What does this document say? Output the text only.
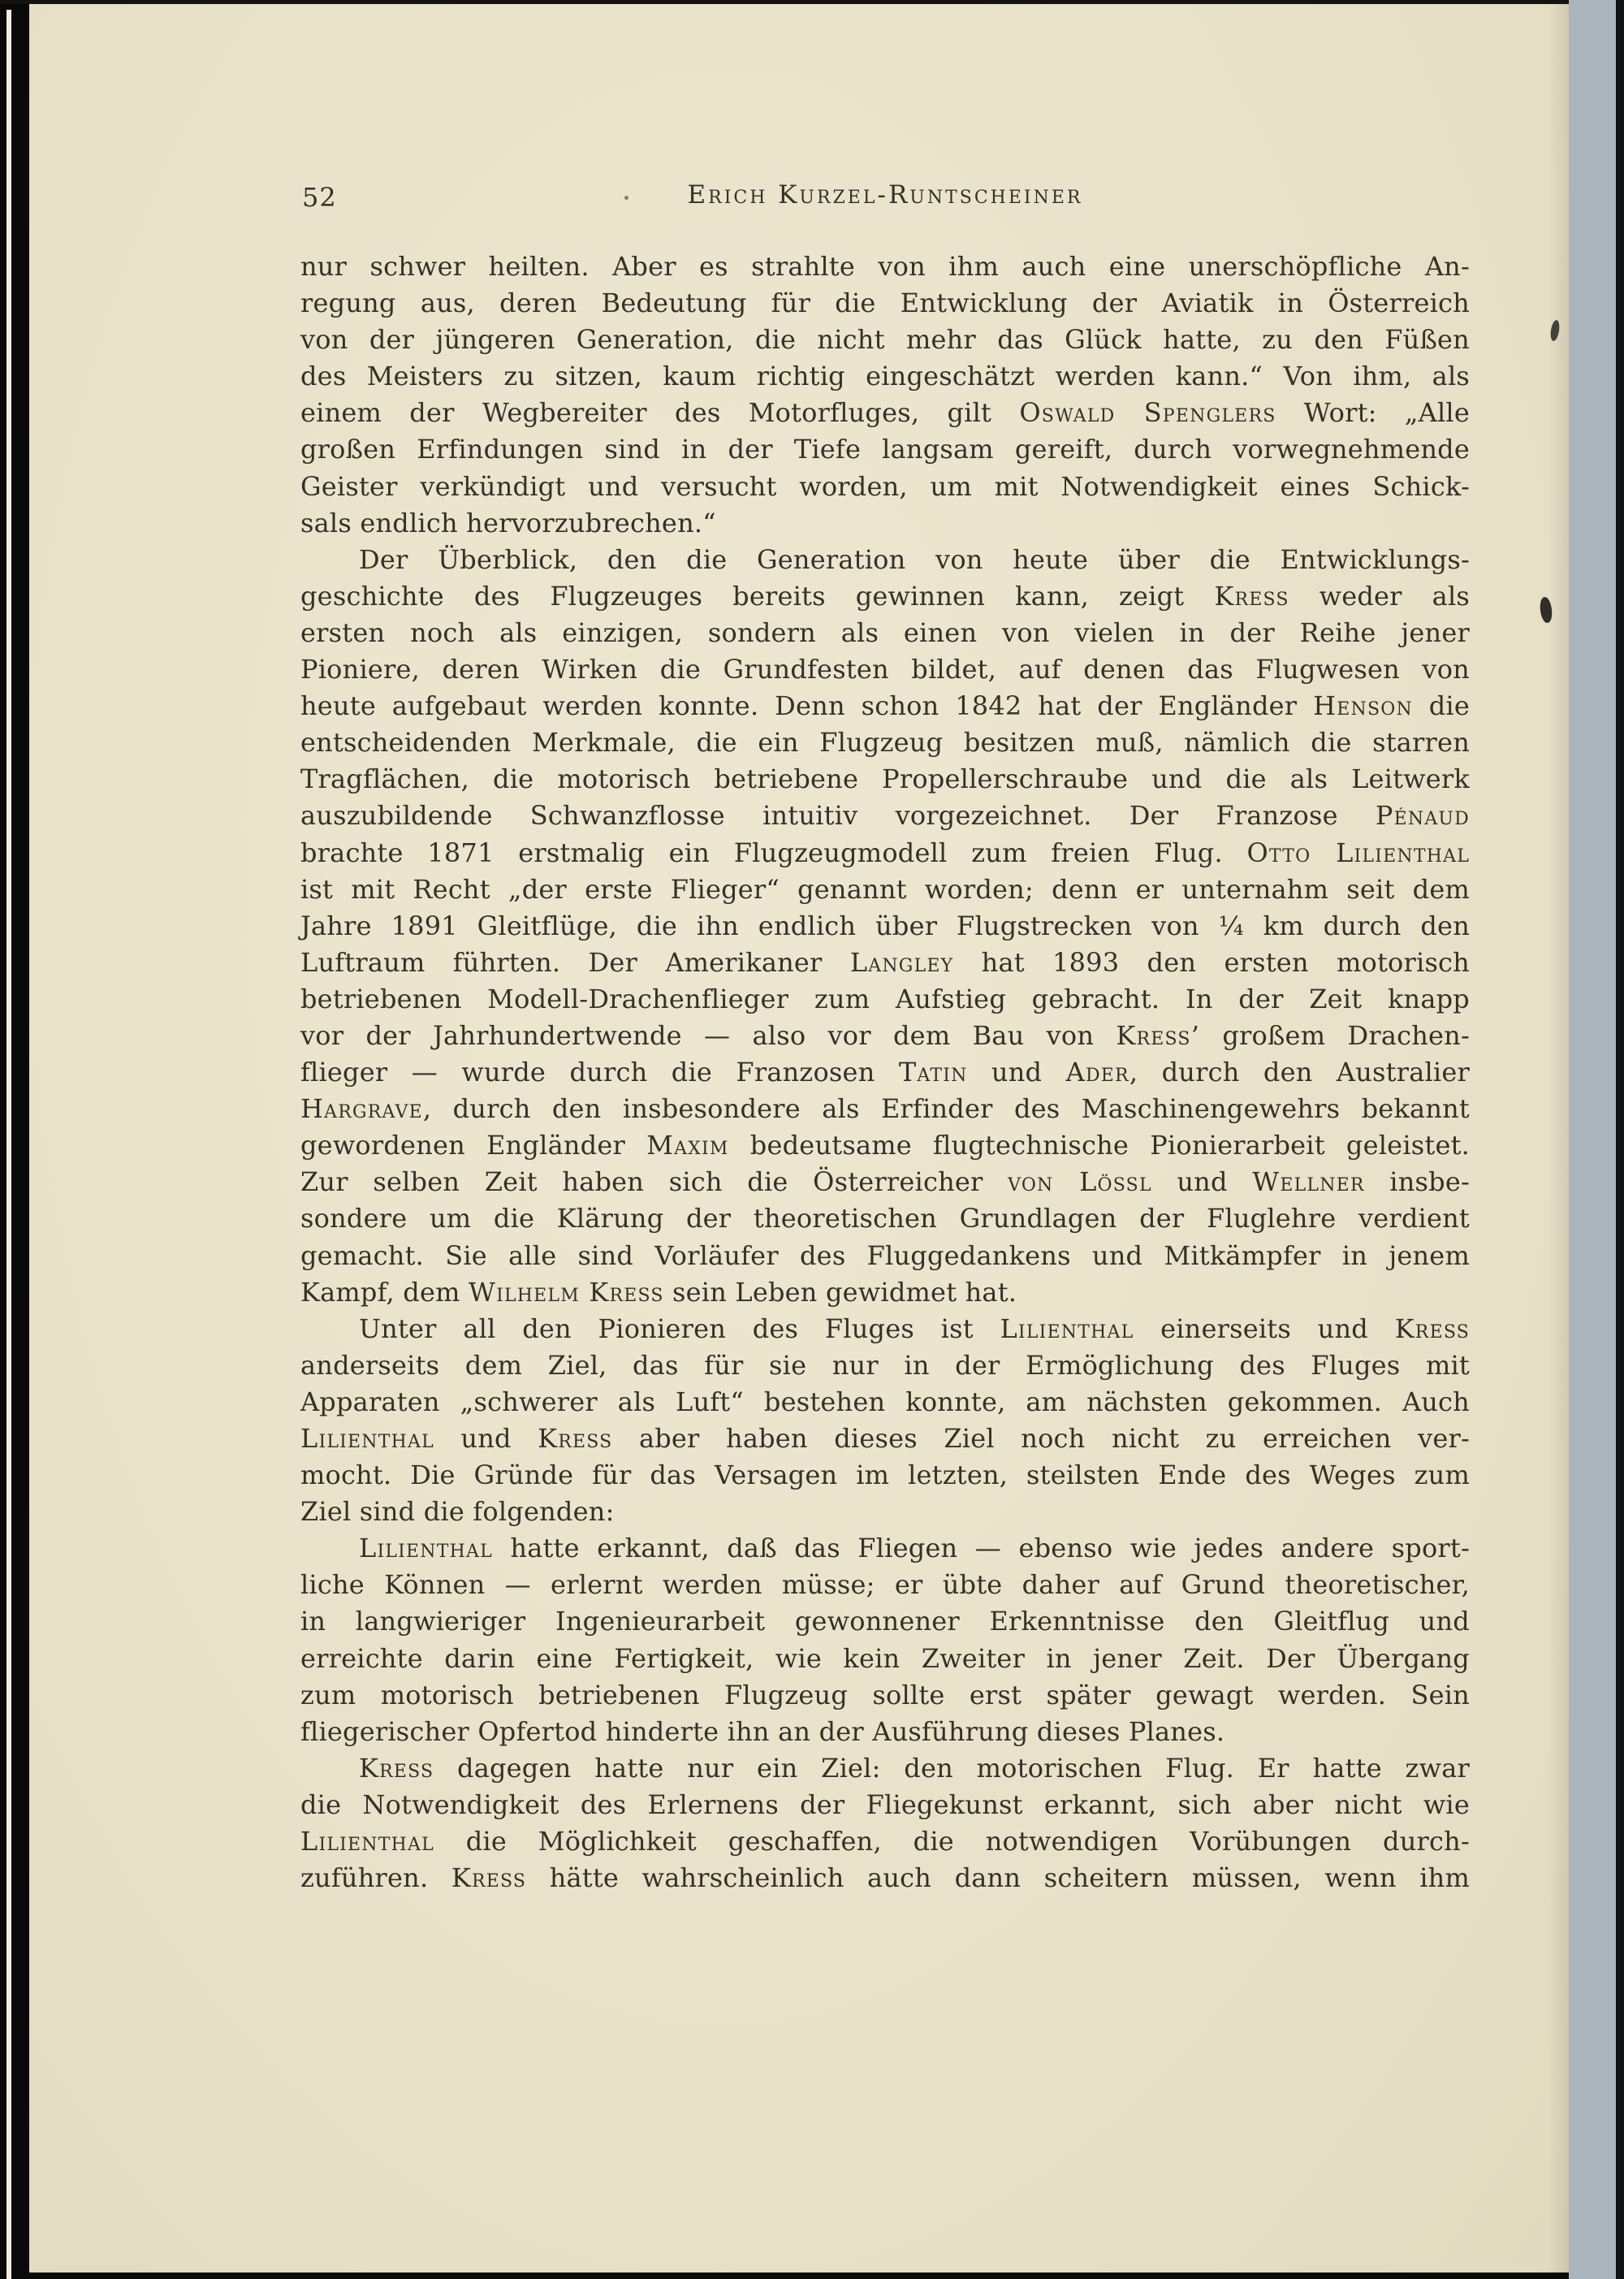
52	Erich Kurzel-Runtscheiner
nur schwer heilten. Aber es strahlte von ihm auch eine unerschöpfliche An-
regung aus, deren Bedeutung für die Entwicklung der Aviatik in Österreich
von der jüngeren Generation, die nicht mehr das Glück hatte, zu den Füßen
des Meisters zu sitzen, kaum richtig eingeschätzt werden kann.“ Von ihm, als
einem der Wegbereiter des Motorfluges, gilt Oswald Spenglers Wort: „Alle
großen Erfindungen sind in der Tiefe langsam gereift, durch vorwegnehmende
Geister verkündigt und versucht worden, um mit Notwendigkeit eines Schick-
sals endlich hervorzubrechen.“
Der Überblick, den die Generation von heute über die Entwicklungs-
geschichte des Flugzeuges bereits gewinnen kann, zeigt Kress weder als
ersten noch als einzigen, sondern als einen von vielen in der Reihe jener
Pioniere, deren Wirken die Grundfesten bildet, auf denen das Flugwesen von
heute aufgebaut werden konnte. Denn schon 1842 hat der Engländer Henson die
entscheidenden Merkmale, die ein Flugzeug besitzen muß, nämlich die starren
Tragflächen, die motorisch betriebene Propellerschraube und die als Leitwerk
auszubildende Schwanzflosse intuitiv vorgezeichnet. Der Franzose Pénaud
brachte 1871 erstmalig ein Flugzeugmodell zum freien Flug. Otto Lilienthal
ist mit Recht „der erste Flieger“ genannt worden; denn er unternahm seit dem
Jahre 1891 Gleitflüge, die ihn endlich über Flugstrecken von ¼ km durch den
Luftraum führten. Der Amerikaner Langley hat 1893 den ersten motorisch
betriebenen Modell-Drachenflieger zum Aufstieg gebracht. In der Zeit knapp
vor der Jahrhundertwende — also vor dem Bau von Kress’ großem Drachen-
flieger — wurde durch die Franzosen Tatin und Ader, durch den Australier
Hargrave, durch den insbesondere als Erfinder des Maschinengewehrs bekannt
gewordenen Engländer Maxim bedeutsame flugtechnische Pionierarbeit geleistet.
Zur selben Zeit haben sich die Österreicher von Lössl und Wellner insbe-
sondere um die Klärung der theoretischen Grundlagen der Fluglehre verdient
gemacht. Sie alle sind Vorläufer des Fluggedankens und Mitkämpfer in jenem
Kampf, dem Wilhelm Kress sein Leben gewidmet hat.
Unter all den Pionieren des Fluges ist Lilienthal einerseits und Kress
anderseits dem Ziel, das für sie nur in der Ermöglichung des Fluges mit
Apparaten „schwerer als Luft“ bestehen konnte, am nächsten gekommen. Auch
Lilienthal und Kress aber haben dieses Ziel noch nicht zu erreichen ver-
mocht. Die Gründe für das Versagen im letzten, steilsten Ende des Weges zum
Ziel sind die folgenden:
Lilienthal hatte erkannt, daß das Fliegen — ebenso wie jedes andere sport-
liche Können — erlernt werden müsse; er übte daher auf Grund theoretischer,
in langwieriger Ingenieurarbeit gewonnener Erkenntnisse den Gleitflug und
erreichte darin eine Fertigkeit, wie kein Zweiter in jener Zeit. Der Übergang
zum motorisch betriebenen Flugzeug sollte erst später gewagt werden. Sein
fliegerischer Opfertod hinderte ihn an der Ausführung dieses Planes.
Kress dagegen hatte nur ein Ziel: den motorischen Flug. Er hatte zwar
die Notwendigkeit des Erlernens der Fliegekunst erkannt, sich aber nicht wie
Lilienthal die Möglichkeit geschaffen, die notwendigen Vorübungen durch-
zuführen. Kress hätte wahrscheinlich auch dann scheitern müssen, wenn ihm
